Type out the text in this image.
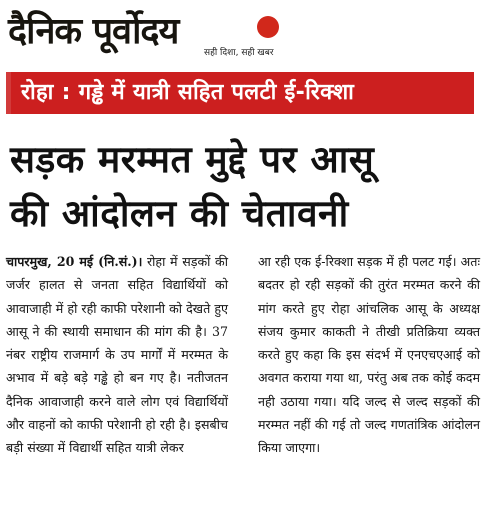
दैनिक पूर्वोदय
सही दिशा, सही खबर
रोहा : गड्ढे में यात्री सहित पलटी ई-रिक्शा
सड़क मरम्मत मुद्दे पर आसू
की आंदोलन की चेतावनी
चापरमुख, 20 मई (नि.सं.)। रोहा में सड़कों की जर्जर हालत से जनता सहित विद्यार्थियों को आवाजाही में हो रही काफी परेशानी को देखते हुए आसू ने की स्थायी समाधान की मांग की है। 37 नंबर राष्ट्रीय राजमार्ग के उप मार्गों में मरम्मत के अभाव में बड़े बड़े गड्ढे हो बन गए है। नतीजतन दैनिक आवाजाही करने वाले लोग एवं विद्यार्थियों और वाहनों को काफी परेशानी हो रही है। इसबीच बड़ी संख्या में विद्यार्थी सहित यात्री लेकर
आ रही एक ई-रिक्शा सड़क में ही पलट गई। अतः बदतर हो रही सड़कों की तुरंत मरम्मत करने की मांग करते हुए रोहा आंचलिक आसू के अध्यक्ष संजय कुमार काकती ने तीखी प्रतिक्रिया व्यक्त करते हुए कहा कि इस संदर्भ में एनएचएआई को अवगत कराया गया था, परंतु अब तक कोई कदम नही उठाया गया। यदि जल्द से जल्द सड़कों की मरम्मत नहीं की गई तो जल्द गणतांत्रिक आंदोलन किया जाएगा।
